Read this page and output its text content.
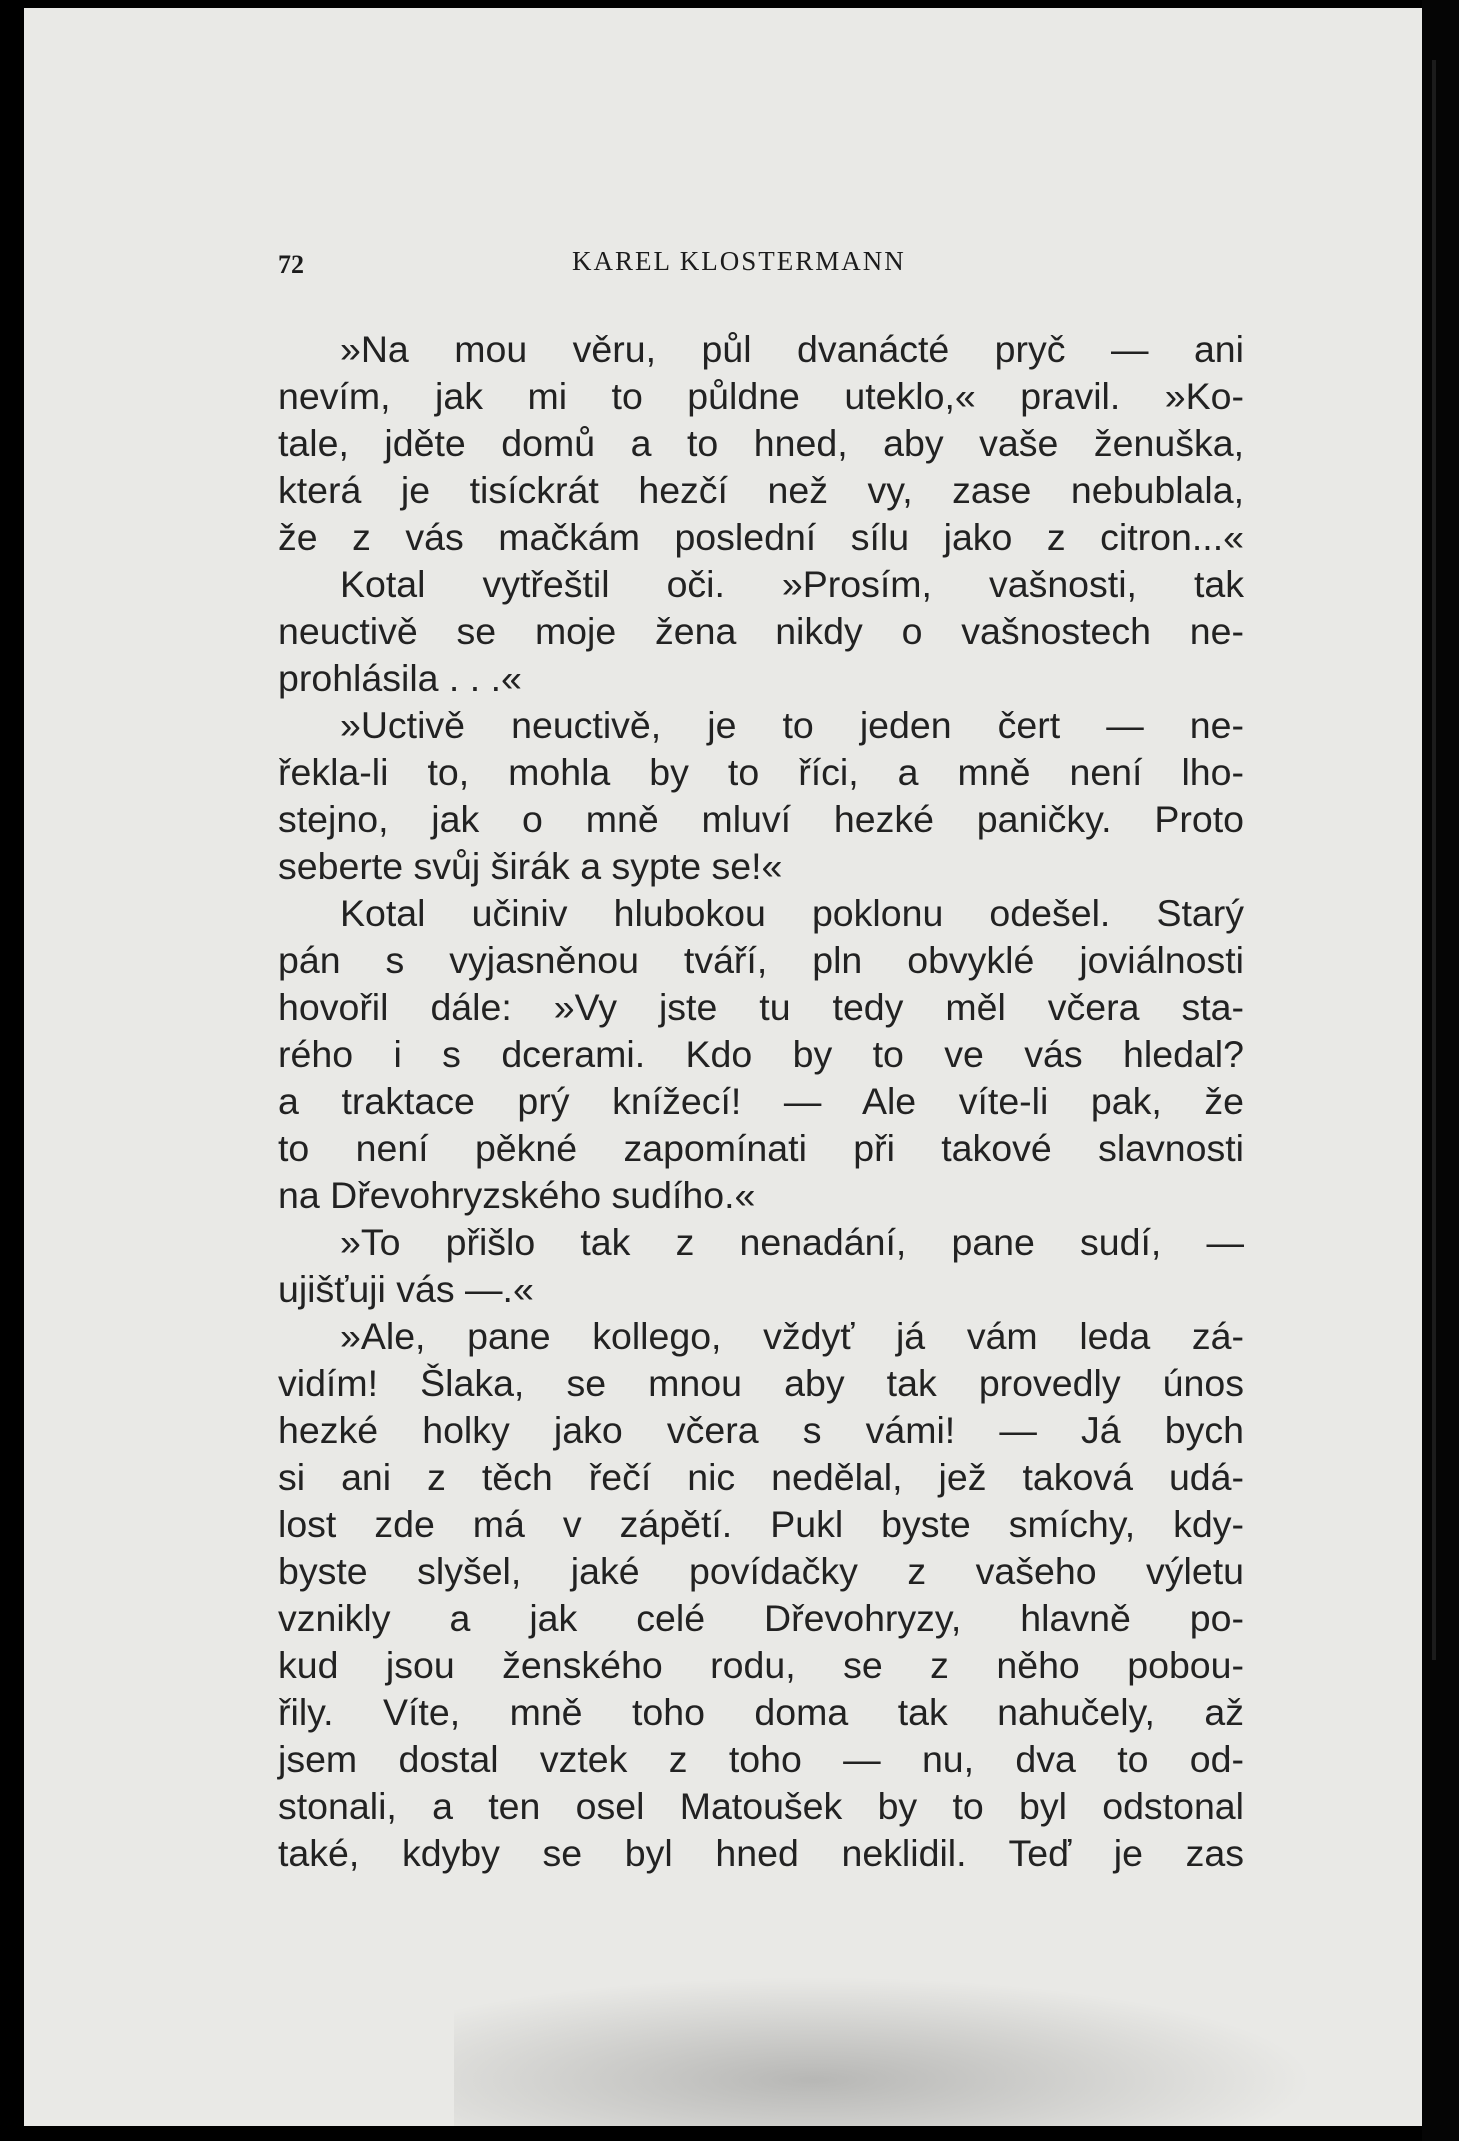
72	KAREL KLOSTERMANN
»Na mou věru, půl dvanácté pryč — ani
nevím, jak mi to půldne uteklo,« pravil. »Ko-
tale, jděte domů a to hned, aby vaše ženuška,
která je tisíckrát hezčí než vy, zase nebublala,
že z vás mačkám poslední sílu jako z citron...«
Kotal vytřeštil oči. »Prosím, vašnosti, tak
neuctivě se moje žena nikdy o vašnostech ne-
prohlásila . . .«
»Uctivě neuctivě, je to jeden čert — ne-
řekla-li to, mohla by to říci, a mně není lho-
stejno, jak o mně mluví hezké paničky. Proto
seberte svůj širák a sypte se!«
Kotal učiniv hlubokou poklonu odešel. Starý
pán s vyjasněnou tváří, pln obvyklé joviálnosti
hovořil dále: »Vy jste tu tedy měl včera sta-
rého i s dcerami. Kdo by to ve vás hledal?
a traktace prý knížecí! — Ale víte-li pak, že
to není pěkné zapomínati při takové slavnosti
na Dřevohryzského sudího.«
»To přišlo tak z nenadání, pane sudí, —
ujišťuji vás —.«
»Ale, pane kollego, vždyť já vám leda zá-
vidím! Šlaka, se mnou aby tak provedly únos
hezké holky jako včera s vámi! — Já bych
si ani z těch řečí nic nedělal, jež taková udá-
lost zde má v zápětí. Pukl byste smíchy, kdy-
byste slyšel, jaké povídačky z vašeho výletu
vznikly a jak celé Dřevohryzy, hlavně po-
kud jsou ženského rodu, se z něho pobou-
řily. Víte, mně toho doma tak nahučely, až
jsem dostal vztek z toho — nu, dva to od-
stonali, a ten osel Matoušek by to byl odstonal
také, kdyby se byl hned neklidil. Teď je zas
